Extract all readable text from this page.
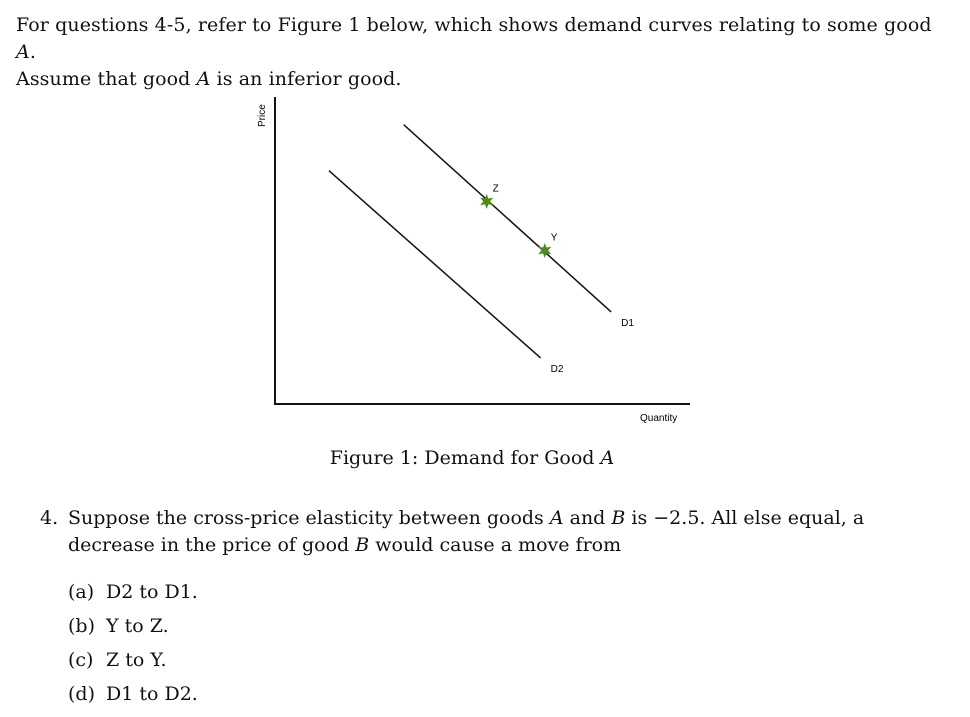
For questions 4-5, refer to Figure 1 below, which shows demand curves relating to some good A.

Assume that good A is an inferior good.

Price
Quantity
D1
D2
Z
Y
Figure 1: Demand for Good A
4. Suppose the cross-price elasticity between goods A and B is −2.5. All else equal, a decrease in the price of good B would cause a move from
(a) D2 to D1.
(b) Y to Z.
(c) Z to Y.
(d) D1 to D2.
